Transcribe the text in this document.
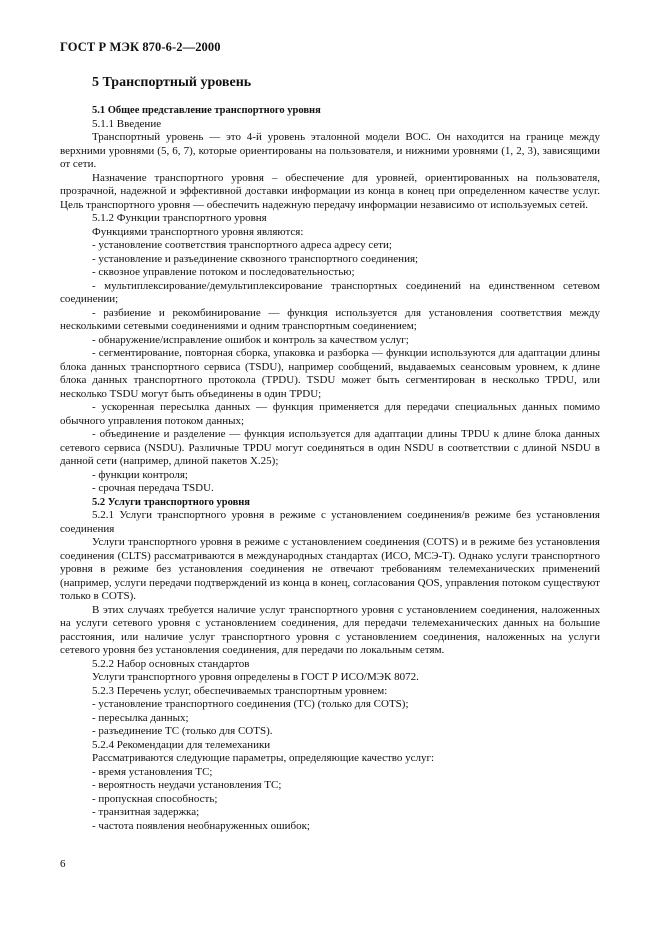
ГОСТ Р МЭК 870-6-2—2000
5 Транспортный уровень
5.1 Общее представление транспортного уровня
5.1.1 Введение

Транспортный уровень — это 4-й уровень эталонной модели ВОС. Он находится на границе между верхними уровнями (5, 6, 7), которые ориентированы на пользователя, и нижними уровнями (1, 2, 3), зависящими от сети.

Назначение транспортного уровня – обеспечение для уровней, ориентированных на пользователя, прозрачной, надежной и эффективной доставки информации из конца в конец при определенном качестве услуг. Цель транспортного уровня — обеспечить надежную передачу информации независимо от используемых сетей.

5.1.2 Функции транспортного уровня

Функциями транспортного уровня являются:

- установление соответствия транспортного адреса адресу сети;

- установление и разъединение сквозного транспортного соединения;

- сквозное управление потоком и последовательностью;

- мультиплексирование/демультиплексирование транспортных соединений на единственном сетевом соединении;

- разбиение и рекомбинирование — функция используется для установления соответствия между несколькими сетевыми соединениями и одним транспортным соединением;

- обнаружение/исправление ошибок и контроль за качеством услуг;

- сегментирование, повторная сборка, упаковка и разборка — функции используются для адаптации длины блока данных транспортного сервиса (TSDU), например сообщений, выдаваемых сеансовым уровнем, к длине блока данных транспортного протокола (TPDU). TSDU может быть сегментирован в несколько TPDU, или несколько TSDU могут быть объединены в один TPDU;

- ускоренная пересылка данных — функция применяется для передачи специальных данных помимо обычного управления потоком данных;

- объединение и разделение — функция используется для адаптации длины TPDU к длине блока данных сетевого сервиса (NSDU). Различные TPDU могут соединяться в один NSDU в соответствии с длиной NSDU в данной сети (например, длиной пакетов X.25);

- функции контроля;

- срочная передача TSDU.

5.2 Услуги транспортного уровня

5.2.1 Услуги транспортного уровня в режиме с установлением соединения/в режиме без установления соединения

Услуги транспортного уровня в режиме с установлением соединения (COTS) и в режиме без установления соединения (CLTS) рассматриваются в международных стандартах (ИСО, МСЭ-Т). Однако услуги транспортного уровня в режиме без установления соединения не отвечают требованиям телемеханических применений (например, услуги передачи подтверждений из конца в конец, согласования QOS, управления потоком существуют только в COTS).

В этих случаях требуется наличие услуг транспортного уровня с установлением соединения, наложенных на услуги сетевого уровня с установлением соединения, для передачи телемеханических данных на большие расстояния, или наличие услуг транспортного уровня с установлением соединения, наложенных на услуги сетевого уровня без установления соединения, для передачи по локальным сетям.

5.2.2 Набор основных стандартов

Услуги транспортного уровня определены в ГОСТ Р ИСО/МЭК 8072.

5.2.3 Перечень услуг, обеспечиваемых транспортным уровнем:

- установление транспортного соединения (TC) (только для COTS);

- пересылка данных;

- разъединение TC (только для COTS).

5.2.4 Рекомендации для телемеханики

Рассматриваются следующие параметры, определяющие качество услуг:

- время установления TC;

- вероятность неудачи установления TC;

- пропускная способность;

- транзитная задержка;

- частота появления необнаруженных ошибок;

6
